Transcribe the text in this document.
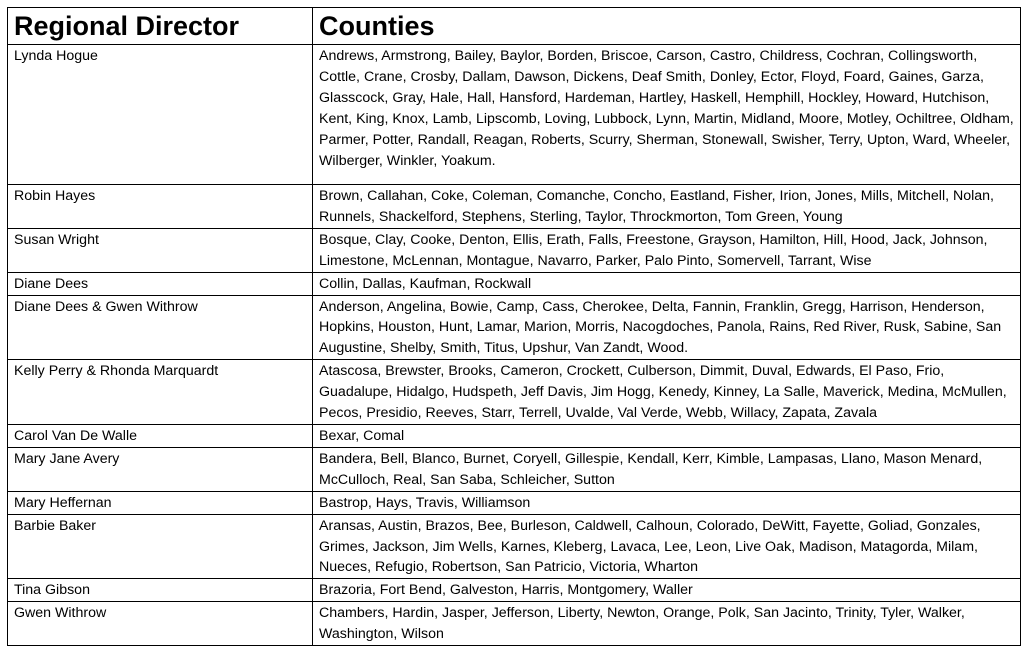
Regional Director	Counties
Lynda Hogue	Andrews, Armstrong, Bailey, Baylor, Borden, Briscoe, Carson, Castro, Childress, Cochran, Collingsworth, Cottle, Crane, Crosby, Dallam, Dawson, Dickens, Deaf Smith, Donley, Ector, Floyd, Foard, Gaines, Garza, Glasscock, Gray, Hale, Hall, Hansford, Hardeman, Hartley, Haskell, Hemphill, Hockley, Howard, Hutchison, Kent, King, Knox, Lamb, Lipscomb, Loving, Lubbock, Lynn, Martin, Midland, Moore, Motley, Ochiltree, Oldham, Parmer, Potter, Randall, Reagan, Roberts, Scurry, Sherman, Stonewall, Swisher, Terry, Upton, Ward, Wheeler, Wilberger, Winkler, Yoakum.
Robin Hayes	Brown, Callahan, Coke, Coleman, Comanche, Concho, Eastland, Fisher, Irion, Jones, Mills, Mitchell, Nolan, Runnels, Shackelford, Stephens, Sterling, Taylor, Throckmorton, Tom Green, Young
Susan Wright	Bosque, Clay, Cooke, Denton, Ellis, Erath, Falls, Freestone, Grayson, Hamilton, Hill, Hood, Jack, Johnson, Limestone, McLennan, Montague, Navarro, Parker, Palo Pinto, Somervell, Tarrant, Wise
Diane Dees	Collin, Dallas, Kaufman, Rockwall
Diane Dees & Gwen Withrow	Anderson, Angelina, Bowie, Camp, Cass, Cherokee, Delta, Fannin, Franklin, Gregg, Harrison, Henderson, Hopkins, Houston, Hunt, Lamar, Marion, Morris, Nacogdoches, Panola, Rains, Red River, Rusk, Sabine, San Augustine, Shelby, Smith, Titus, Upshur, Van Zandt, Wood.
Kelly Perry & Rhonda Marquardt	Atascosa, Brewster, Brooks, Cameron, Crockett, Culberson, Dimmit, Duval, Edwards, El Paso, Frio, Guadalupe, Hidalgo, Hudspeth, Jeff Davis, Jim Hogg, Kenedy, Kinney, La Salle, Maverick, Medina, McMullen, Pecos, Presidio, Reeves, Starr, Terrell, Uvalde, Val Verde, Webb, Willacy, Zapata, Zavala
Carol Van De Walle	Bexar, Comal
Mary Jane Avery	Bandera, Bell, Blanco, Burnet, Coryell, Gillespie, Kendall, Kerr, Kimble, Lampasas, Llano, Mason Menard, McCulloch, Real, San Saba, Schleicher, Sutton
Mary Heffernan	Bastrop, Hays, Travis, Williamson
Barbie Baker	Aransas, Austin, Brazos, Bee, Burleson, Caldwell, Calhoun, Colorado, DeWitt, Fayette, Goliad, Gonzales, Grimes, Jackson, Jim Wells, Karnes, Kleberg, Lavaca, Lee, Leon, Live Oak, Madison, Matagorda, Milam, Nueces, Refugio, Robertson, San Patricio, Victoria, Wharton
Tina Gibson	Brazoria, Fort Bend, Galveston, Harris, Montgomery, Waller
Gwen Withrow	Chambers, Hardin, Jasper, Jefferson, Liberty, Newton, Orange, Polk, San Jacinto, Trinity, Tyler, Walker, Washington, Wilson
